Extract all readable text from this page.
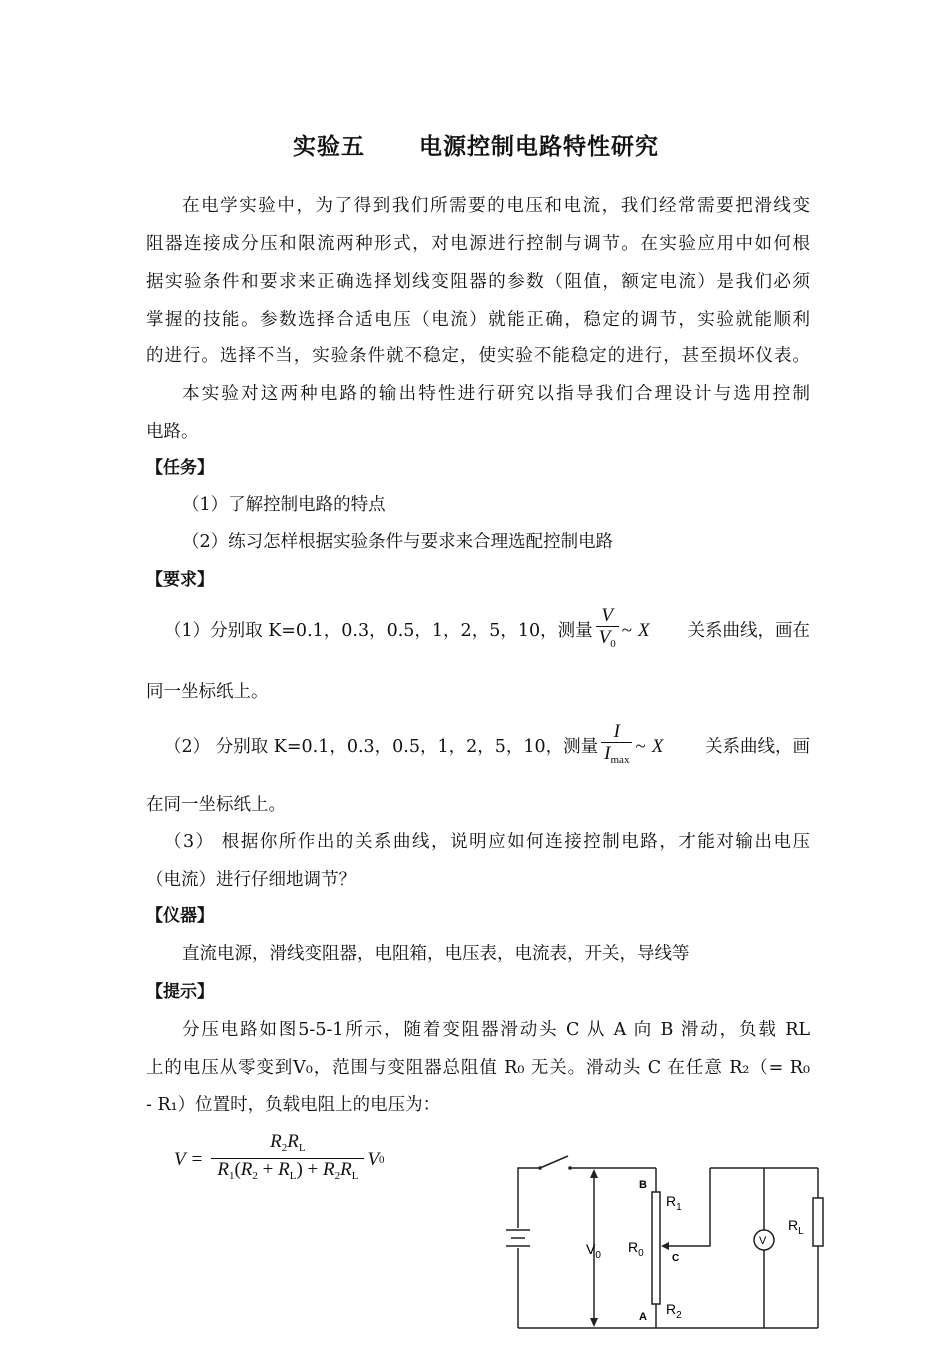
实验五 电源控制电路特性研究
在电学实验中，为了得到我们所需要的电压和电流，我们经常需要把滑线变
阻器连接成分压和限流两种形式，对电源进行控制与调节。在实验应用中如何根
据实验条件和要求来正确选择划线变阻器的参数（阻值，额定电流）是我们必须
掌握的技能。参数选择合适电压（电流）就能正确，稳定的调节，实验就能顺利
的进行。选择不当，实验条件就不稳定，使实验不能稳定的进行，甚至损坏仪表。
本实验对这两种电路的输出特性进行研究以指导我们合理设计与选用控制
电路。
【任务】
（1）了解控制电路的特点
（2）练习怎样根据实验条件与要求来合理选配控制电路
【要求】
（1）分别取 K=0.1，0.3，0.5，1，2，5，10，测量 $\frac{V}{V_0}$ ~ X 关系曲线，画在
同一坐标纸上。
（2） 分别取 K=0.1，0.3，0.5，1，2，5，10，测量 $\frac{I}{I_{max}}$ ~ X 关系曲线，画
在同一坐标纸上。
（3） 根据你所作出的关系曲线，说明应如何连接控制电路，才能对输出电压
（电流）进行仔细地调节？
【仪器】
直流电源，滑线变阻器，电阻箱，电压表，电流表，开关，导线等
【提示】
分压电路如图5-5-1所示，随着变阻器滑动头 C 从 A 向 B 滑动，负载 RL
上的电压从零变到V₀，范围与变阻器总阻值 R₀ 无关。滑动头 C 在任意 R₂（= R₀
- R₁）位置时，负载电阻上的电压为：
$V = \frac{R_2R_L}{R_1(R_2 + R_L) + R_2R_L}$ V 0
B
A
C
$R_1$
$R_2$
$R_0$
$V_0$
$R_L$
V
